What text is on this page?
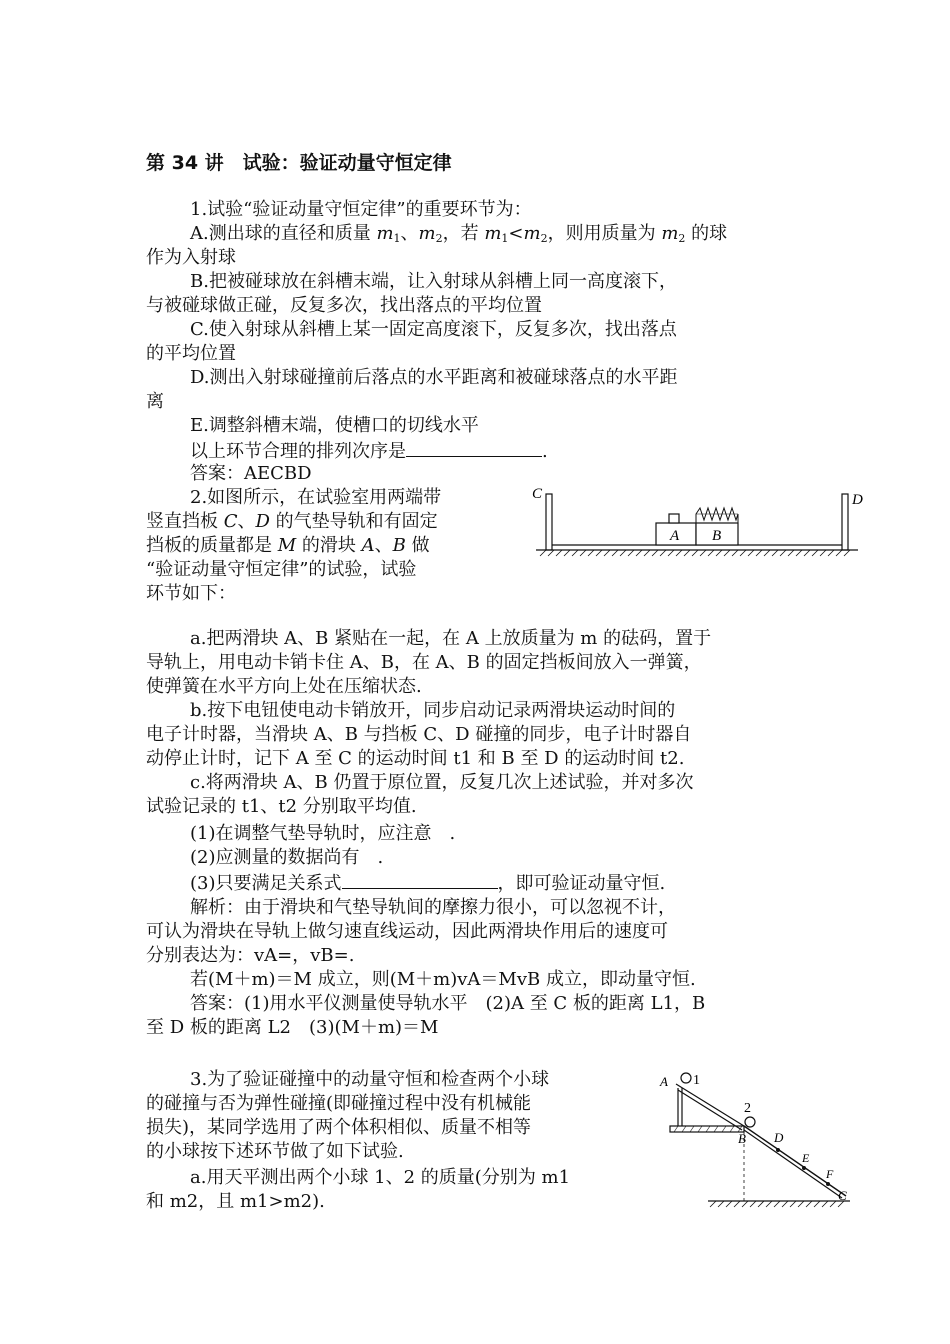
第 34 讲　试验：验证动量守恒定律
1.试验“验证动量守恒定律”的重要环节为：
A.测出球的直径和质量 $m_1$、$m_2$，若 $m_1<m_2$，则用质量为 $m_2$ 的球
作为入射球
B.把被碰球放在斜槽末端，让入射球从斜槽上同一高度滚下，
与被碰球做正碰，反复多次，找出落点的平均位置
C.使入射球从斜槽上某一固定高度滚下，反复多次，找出落点
的平均位置
D.测出入射球碰撞前后落点的水平距离和被碰球落点的水平距
离
E.调整斜槽末端，使槽口的切线水平
以上环节合理的排列次序是	.
答案：AECBD
2.如图所示，在试验室用两端带
竖直挡板 C、D 的气垫导轨和有固定
挡板的质量都是 M 的滑块 A、B 做
“验证动量守恒定律”的试验，试验
环节如下：
C	D
A B
a.把两滑块 A、B 紧贴在一起，在 A 上放质量为 m 的砝码，置于
导轨上，用电动卡销卡住 A、B，在 A、B 的固定挡板间放入一弹簧，
使弹簧在水平方向上处在压缩状态.
b.按下电钮使电动卡销放开，同步启动记录两滑块运动时间的
电子计时器，当滑块 A、B 与挡板 C、D 碰撞的同步，电子计时器自
动停止计时，记下 A 至 C 的运动时间 t1 和 B 至 D 的运动时间 t2.
c.将两滑块 A、B 仍置于原位置，反复几次上述试验，并对多次
试验记录的 t1、t2 分别取平均值.
(1)在调整气垫导轨时，应注意　.
(2)应测量的数据尚有　.
(3)只要满足关系式	，即可验证动量守恒.
解析：由于滑块和气垫导轨间的摩擦力很小，可以忽视不计，
可认为滑块在导轨上做匀速直线运动，因此两滑块作用后的速度可
分别表达为：vA=，vB=.
若(M＋m)＝M 成立，则(M＋m)vA＝MvB 成立，即动量守恒.
答案：(1)用水平仪测量使导轨水平　(2)A 至 C 板的距离 L1，B
至 D 板的距离 L2　(3)(M＋m)＝M
3.为了验证碰撞中的动量守恒和检查两个小球
的碰撞与否为弹性碰撞(即碰撞过程中没有机械能
损失)，某同学选用了两个体积相似、质量不相等
的小球按下述环节做了如下试验.
a.用天平测出两个小球 1、2 的质量(分别为 m1
和 m2，且 m1>m2).
A 1
2
B D
E
F
C
